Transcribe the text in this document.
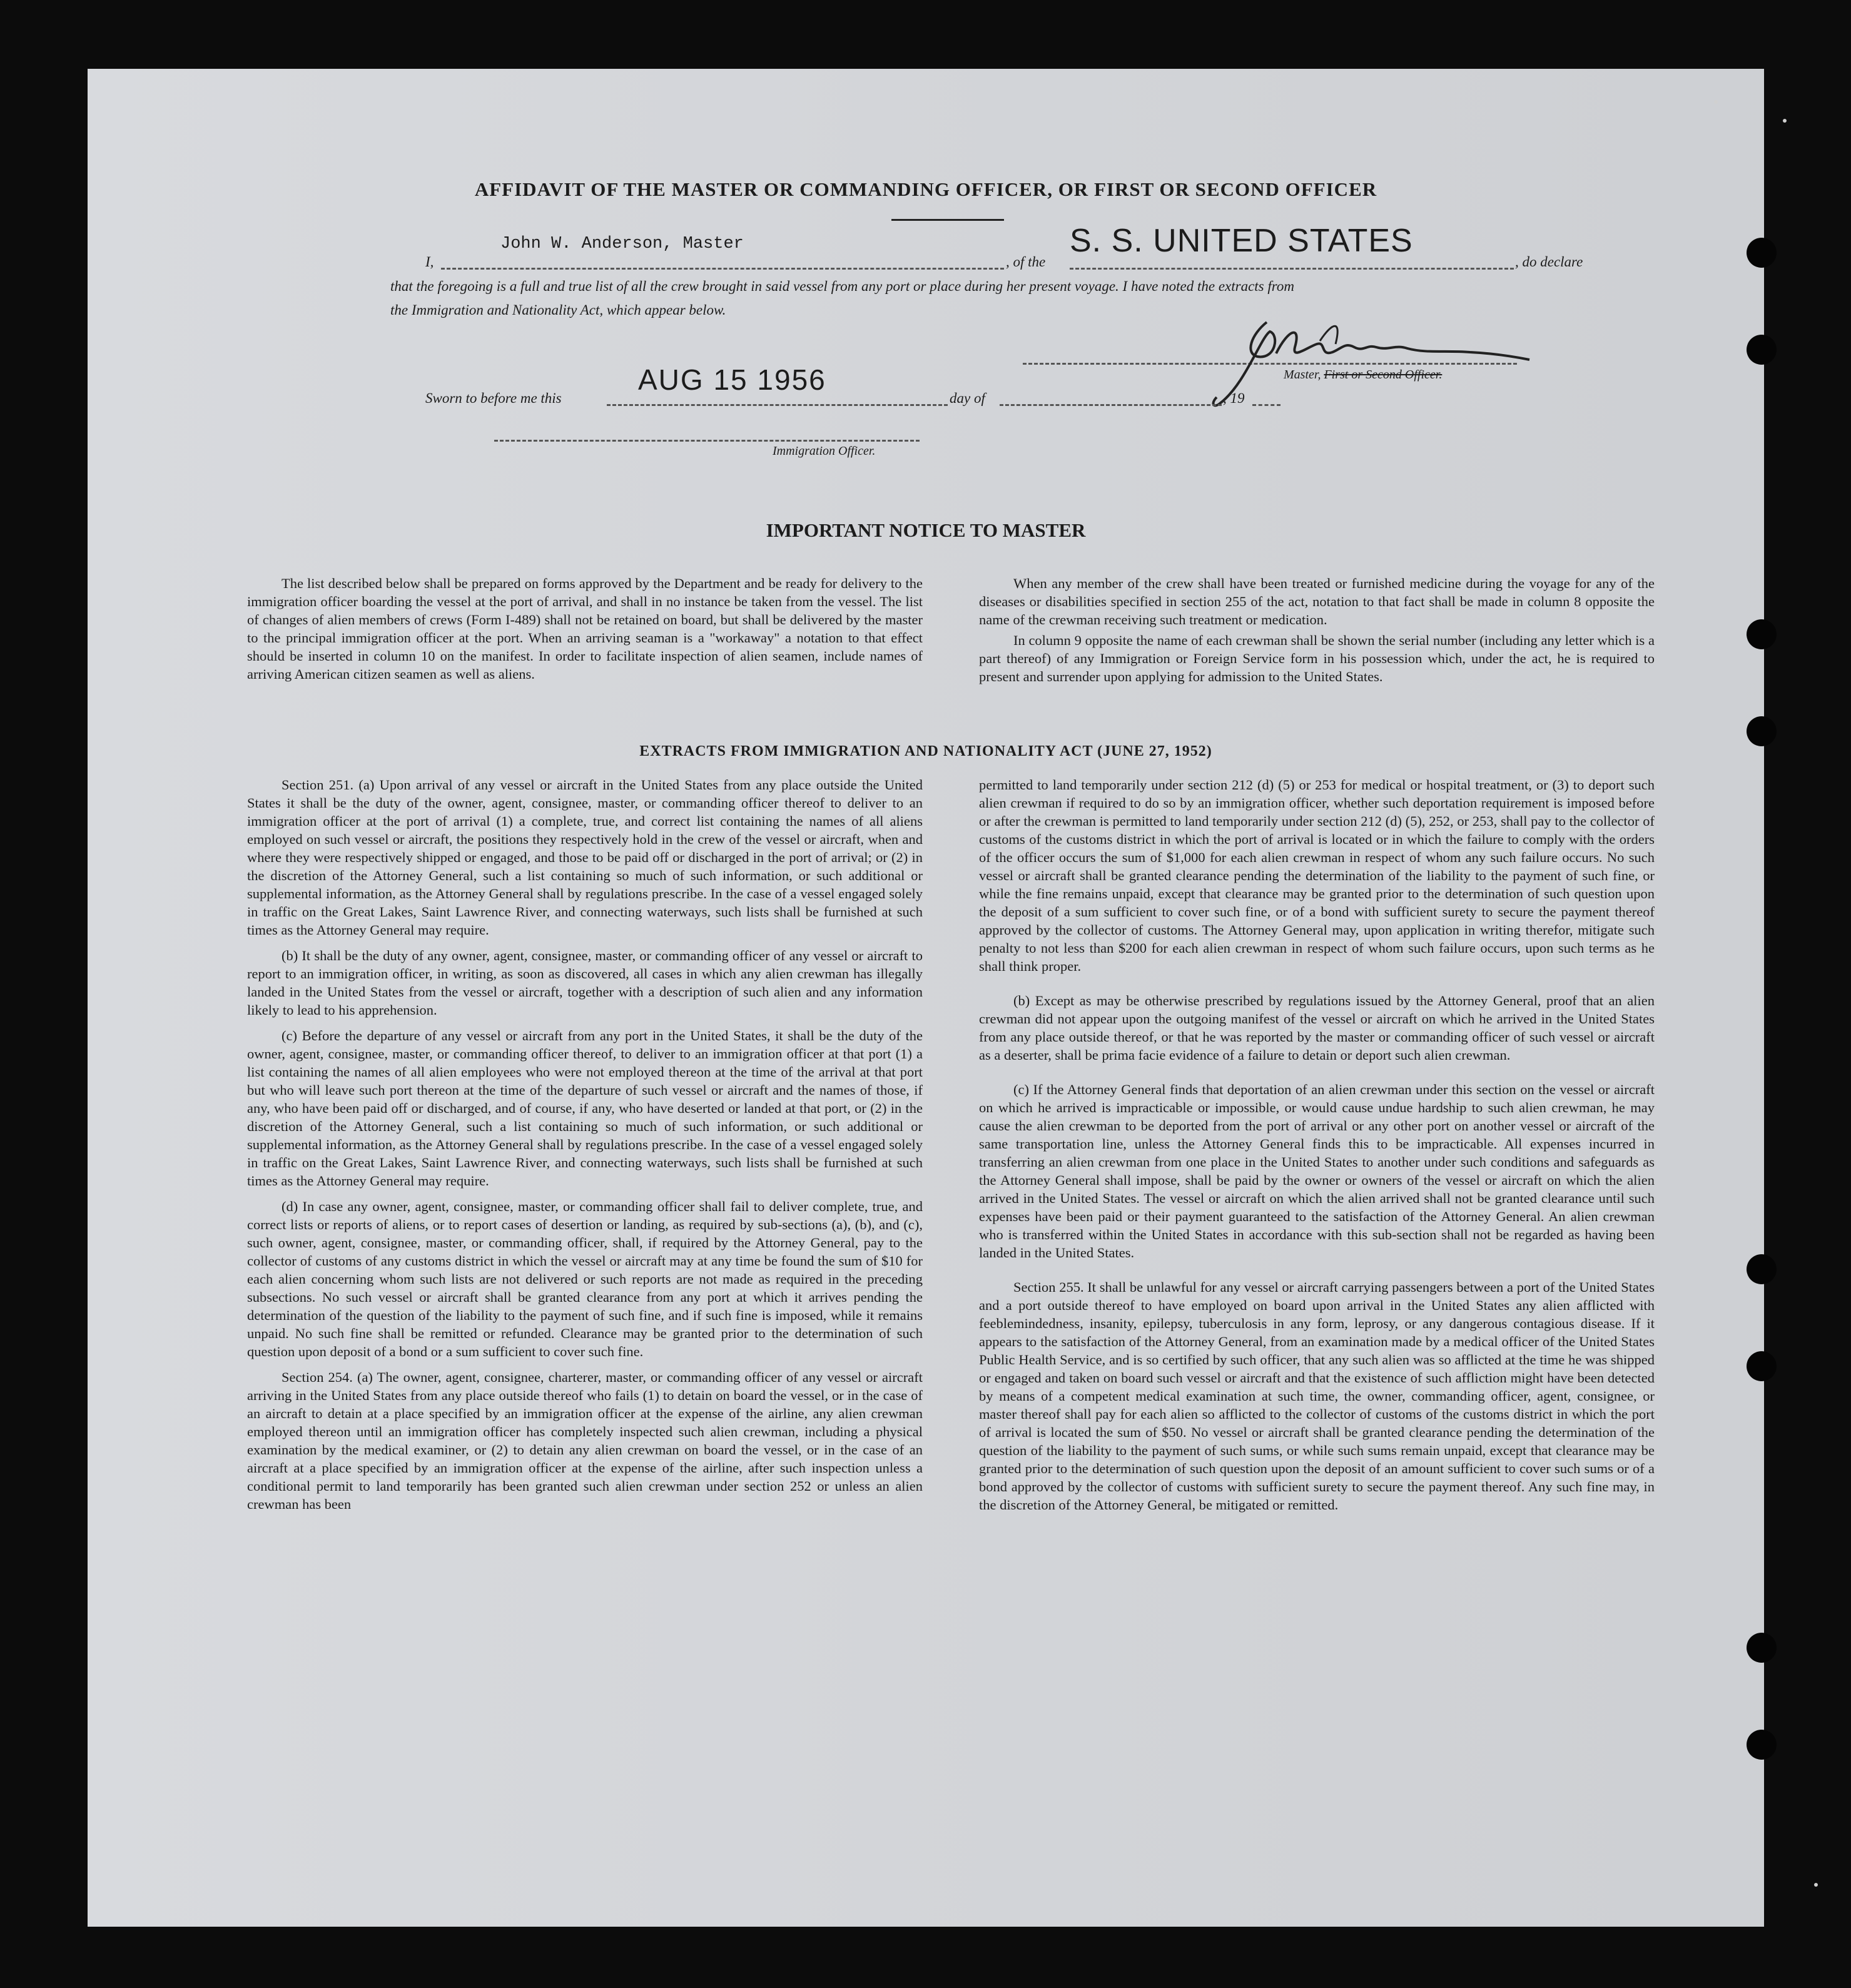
AFFIDAVIT OF THE MASTER OR COMMANDING OFFICER, OR FIRST OR SECOND OFFICER
I,
John W. Anderson, Master
, of the
S. S. UNITED STATES
, do declare
that the foregoing is a full and true list of all the crew brought in said vessel from any port or place during her present voyage. I have noted the extracts from
the Immigration and Nationality Act, which appear below.
Master, First or Second Officer.
Sworn to before me this
AUG 15 1956
day of	, 19
Immigration Officer.
IMPORTANT NOTICE TO MASTER

The list described below shall be prepared on forms approved by the Department and be ready for delivery to the immigration officer boarding the vessel at the port of arrival, and shall in no instance be taken from the vessel. The list of changes of alien members of crews (Form I-489) shall not be retained on board, but shall be delivered by the master to the principal immigration officer at the port. When an arriving seaman is a "workaway" a notation to that effect should be inserted in column 10 on the manifest. In order to facilitate inspection of alien seamen, include names of arriving American citizen seamen as well as aliens.

When any member of the crew shall have been treated or furnished medicine during the voyage for any of the diseases or disabilities specified in section 255 of the act, notation to that fact shall be made in column 8 opposite the name of the crewman receiving such treatment or medication.

In column 9 opposite the name of each crewman shall be shown the serial number (including any letter which is a part thereof) of any Immigration or Foreign Service form in his possession which, under the act, he is required to present and surrender upon applying for admission to the United States.

EXTRACTS FROM IMMIGRATION AND NATIONALITY ACT (JUNE 27, 1952)

Section 251. (a) Upon arrival of any vessel or aircraft in the United States from any place outside the United States it shall be the duty of the owner, agent, consignee, master, or commanding officer thereof to deliver to an immigration officer at the port of arrival (1) a complete, true, and correct list containing the names of all aliens employed on such vessel or aircraft, the positions they respectively hold in the crew of the vessel or aircraft, when and where they were respectively shipped or engaged, and those to be paid off or discharged in the port of arrival; or (2) in the discretion of the Attorney General, such a list containing so much of such information, or such additional or supplemental information, as the Attorney General shall by regulations prescribe. In the case of a vessel engaged solely in traffic on the Great Lakes, Saint Lawrence River, and connecting waterways, such lists shall be furnished at such times as the Attorney General may require.

(b) It shall be the duty of any owner, agent, consignee, master, or commanding officer of any vessel or aircraft to report to an immigration officer, in writing, as soon as discovered, all cases in which any alien crewman has illegally landed in the United States from the vessel or aircraft, together with a description of such alien and any information likely to lead to his apprehension.

(c) Before the departure of any vessel or aircraft from any port in the United States, it shall be the duty of the owner, agent, consignee, master, or commanding officer thereof, to deliver to an immigration officer at that port (1) a list containing the names of all alien employees who were not employed thereon at the time of the arrival at that port but who will leave such port thereon at the time of the departure of such vessel or aircraft and the names of those, if any, who have been paid off or discharged, and of course, if any, who have deserted or landed at that port, or (2) in the discretion of the Attorney General, such a list containing so much of such information, or such additional or supplemental information, as the Attorney General shall by regulations prescribe. In the case of a vessel engaged solely in traffic on the Great Lakes, Saint Lawrence River, and connecting waterways, such lists shall be furnished at such times as the Attorney General may require.

(d) In case any owner, agent, consignee, master, or commanding officer shall fail to deliver complete, true, and correct lists or reports of aliens, or to report cases of desertion or landing, as required by sub-sections (a), (b), and (c), such owner, agent, consignee, master, or commanding officer, shall, if required by the Attorney General, pay to the collector of customs of any customs district in which the vessel or aircraft may at any time be found the sum of $10 for each alien concerning whom such lists are not delivered or such reports are not made as required in the preceding subsections. No such vessel or aircraft shall be granted clearance from any port at which it arrives pending the determination of the question of the liability to the payment of such fine, and if such fine is imposed, while it remains unpaid. No such fine shall be remitted or refunded. Clearance may be granted prior to the determination of such question upon deposit of a bond or a sum sufficient to cover such fine.

Section 254. (a) The owner, agent, consignee, charterer, master, or commanding officer of any vessel or aircraft arriving in the United States from any place outside thereof who fails (1) to detain on board the vessel, or in the case of an aircraft to detain at a place specified by an immigration officer at the expense of the airline, any alien crewman employed thereon until an immigration officer has completely inspected such alien crewman, including a physical examination by the medical examiner, or (2) to detain any alien crewman on board the vessel, or in the case of an aircraft at a place specified by an immigration officer at the expense of the airline, after such inspection unless a conditional permit to land temporarily has been granted such alien crewman under section 252 or unless an alien crewman has been

permitted to land temporarily under section 212 (d) (5) or 253 for medical or hospital treatment, or (3) to deport such alien crewman if required to do so by an immigration officer, whether such deportation requirement is imposed before or after the crewman is permitted to land temporarily under section 212 (d) (5), 252, or 253, shall pay to the collector of customs of the customs district in which the port of arrival is located or in which the failure to comply with the orders of the officer occurs the sum of $1,000 for each alien crewman in respect of whom any such failure occurs. No such vessel or aircraft shall be granted clearance pending the determination of the liability to the payment of such fine, or while the fine remains unpaid, except that clearance may be granted prior to the determination of such question upon the deposit of a sum sufficient to cover such fine, or of a bond with sufficient surety to secure the payment thereof approved by the collector of customs. The Attorney General may, upon application in writing therefor, mitigate such penalty to not less than $200 for each alien crewman in respect of whom such failure occurs, upon such terms as he shall think proper.

(b) Except as may be otherwise prescribed by regulations issued by the Attorney General, proof that an alien crewman did not appear upon the outgoing manifest of the vessel or aircraft on which he arrived in the United States from any place outside thereof, or that he was reported by the master or commanding officer of such vessel or aircraft as a deserter, shall be prima facie evidence of a failure to detain or deport such alien crewman.

(c) If the Attorney General finds that deportation of an alien crewman under this section on the vessel or aircraft on which he arrived is impracticable or impossible, or would cause undue hardship to such alien crewman, he may cause the alien crewman to be deported from the port of arrival or any other port on another vessel or aircraft of the same transportation line, unless the Attorney General finds this to be impracticable. All expenses incurred in transferring an alien crewman from one place in the United States to another under such conditions and safeguards as the Attorney General shall impose, shall be paid by the owner or owners of the vessel or aircraft on which the alien arrived in the United States. The vessel or aircraft on which the alien arrived shall not be granted clearance until such expenses have been paid or their payment guaranteed to the satisfaction of the Attorney General. An alien crewman who is transferred within the United States in accordance with this sub-section shall not be regarded as having been landed in the United States.

Section 255. It shall be unlawful for any vessel or aircraft carrying passengers between a port of the United States and a port outside thereof to have employed on board upon arrival in the United States any alien afflicted with feeblemindedness, insanity, epilepsy, tuberculosis in any form, leprosy, or any dangerous contagious disease. If it appears to the satisfaction of the Attorney General, from an examination made by a medical officer of the United States Public Health Service, and is so certified by such officer, that any such alien was so afflicted at the time he was shipped or engaged and taken on board such vessel or aircraft and that the existence of such affliction might have been detected by means of a competent medical examination at such time, the owner, commanding officer, agent, consignee, or master thereof shall pay for each alien so afflicted to the collector of customs of the customs district in which the port of arrival is located the sum of $50. No vessel or aircraft shall be granted clearance pending the determination of the question of the liability to the payment of such sums, or while such sums remain unpaid, except that clearance may be granted prior to the determination of such question upon the deposit of an amount sufficient to cover such sums or of a bond approved by the collector of customs with sufficient surety to secure the payment thereof. Any such fine may, in the discretion of the Attorney General, be mitigated or remitted.
